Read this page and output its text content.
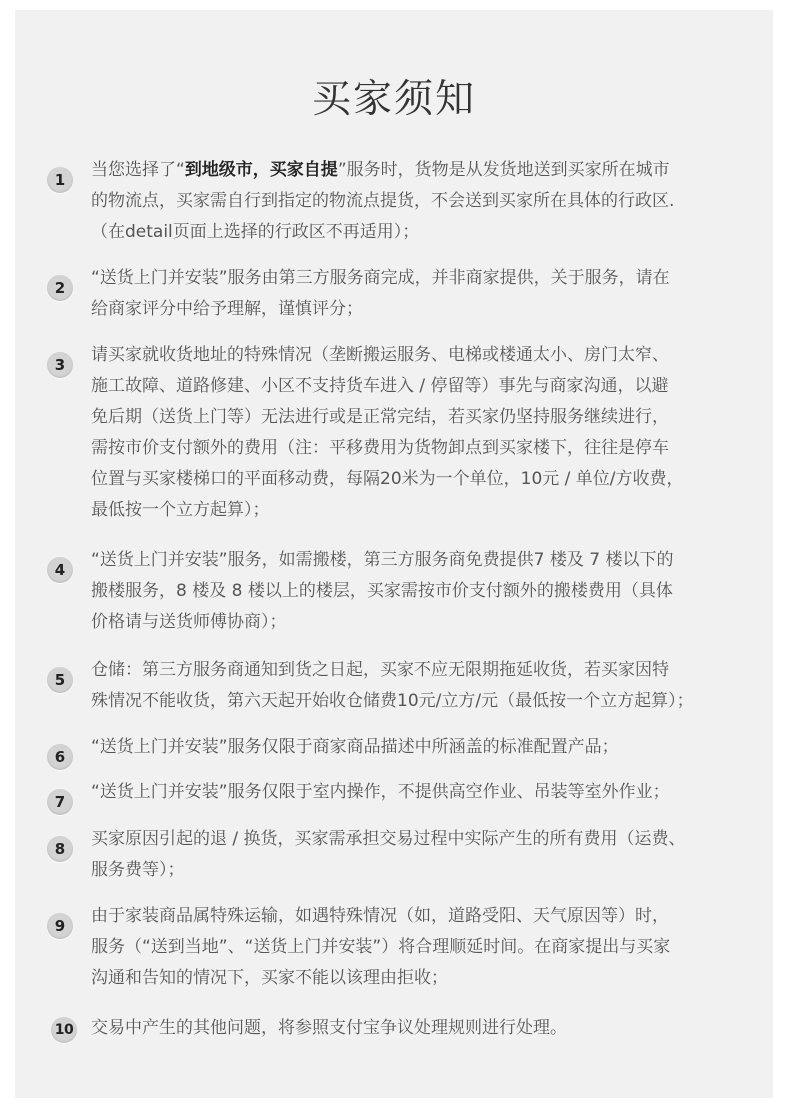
买家须知
1	当您选择了“到地级市，买家自提”服务时，货物是从发货地送到买家所在城市
的物流点，买家需自行到指定的物流点提货，不会送到买家所在具体的行政区.
（在detail页面上选择的行政区不再适用）；

2	“送货上门并安装”服务由第三方服务商完成，并非商家提供，关于服务，请在
给商家评分中给予理解，谨慎评分；

3	请买家就收货地址的特殊情况（垄断搬运服务、电梯或楼通太小、房门太窄、
施工故障、道路修建、小区不支持货车进入 / 停留等）事先与商家沟通，以避
免后期（送货上门等）无法进行或是正常完结，若买家仍坚持服务继续进行，
需按市价支付额外的费用（注：平移费用为货物卸点到买家楼下，往往是停车
位置与买家楼梯口的平面移动费，每隔20米为一个单位，10元 / 单位/方收费，
最低按一个立方起算）；

4	“送货上门并安装”服务，如需搬楼，第三方服务商免费提供7 楼及 7 楼以下的
搬楼服务，8 楼及 8 楼以上的楼层，买家需按市价支付额外的搬楼费用（具体
价格请与送货师傅协商）；

5	仓储：第三方服务商通知到货之日起，买家不应无限期拖延收货，若买家因特
殊情况不能收货，第六天起开始收仓储费10元/立方/元（最低按一个立方起算）；

6	“送货上门并安装”服务仅限于商家商品描述中所涵盖的标准配置产品；

7	“送货上门并安装”服务仅限于室内操作，不提供高空作业、吊装等室外作业；

8	买家原因引起的退 / 换货，买家需承担交易过程中实际产生的所有费用（运费、
服务费等）；

9	由于家装商品属特殊运输，如遇特殊情况（如，道路受阳、天气原因等）时，
服务（“送到当地”、“送货上门并安装”）将合理顺延时间。在商家提出与买家
沟通和告知的情况下，买家不能以该理由拒收；

10 交易中产生的其他问题，将参照支付宝争议处理规则进行处理。
